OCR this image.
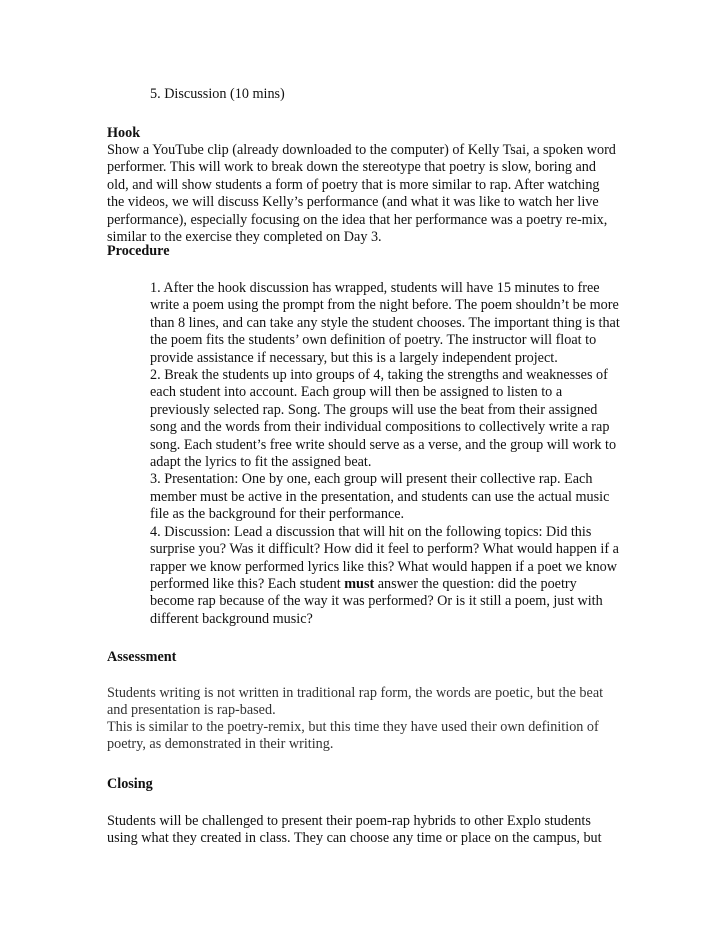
5. Discussion (10 mins)

Hook

Show a YouTube clip (already downloaded to the computer) of Kelly Tsai, a spoken word performer. This will work to break down the stereotype that poetry is slow, boring and old, and will show students a form of poetry that is more similar to rap. After watching the videos, we will discuss Kelly’s performance (and what it was like to watch her live performance), especially focusing on the idea that her performance was a poetry re-mix, similar to the exercise they completed on Day 3.

Procedure

1. After the hook discussion has wrapped, students will have 15 minutes to free write a poem using the prompt from the night before. The poem shouldn’t be more than 8 lines, and can take any style the student chooses. The important thing is that the poem fits the students’ own definition of poetry. The instructor will float to provide assistance if necessary, but this is a largely independent project.

2. Break the students up into groups of 4, taking the strengths and weaknesses of each student into account. Each group will then be assigned to listen to a previously selected rap. Song. The groups will use the beat from their assigned song and the words from their individual compositions to collectively write a rap song. Each student’s free write should serve as a verse, and the group will work to adapt the lyrics to fit the assigned beat.

3. Presentation: One by one, each group will present their collective rap. Each member must be active in the presentation, and students can use the actual music file as the background for their performance.

4. Discussion: Lead a discussion that will hit on the following topics: Did this surprise you? Was it difficult? How did it feel to perform? What would happen if a rapper we know performed lyrics like this? What would happen if a poet we know performed like this? Each student must answer the question: did the poetry become rap because of the way it was performed? Or is it still a poem, just with different background music?

Assessment

Students writing is not written in traditional rap form, the words are poetic, but the beat and presentation is rap-based.

This is similar to the poetry-remix, but this time they have used their own definition of poetry, as demonstrated in their writing.

Closing

Students will be challenged to present their poem-rap hybrids to other Explo students using what they created in class. They can choose any time or place on the campus, but
